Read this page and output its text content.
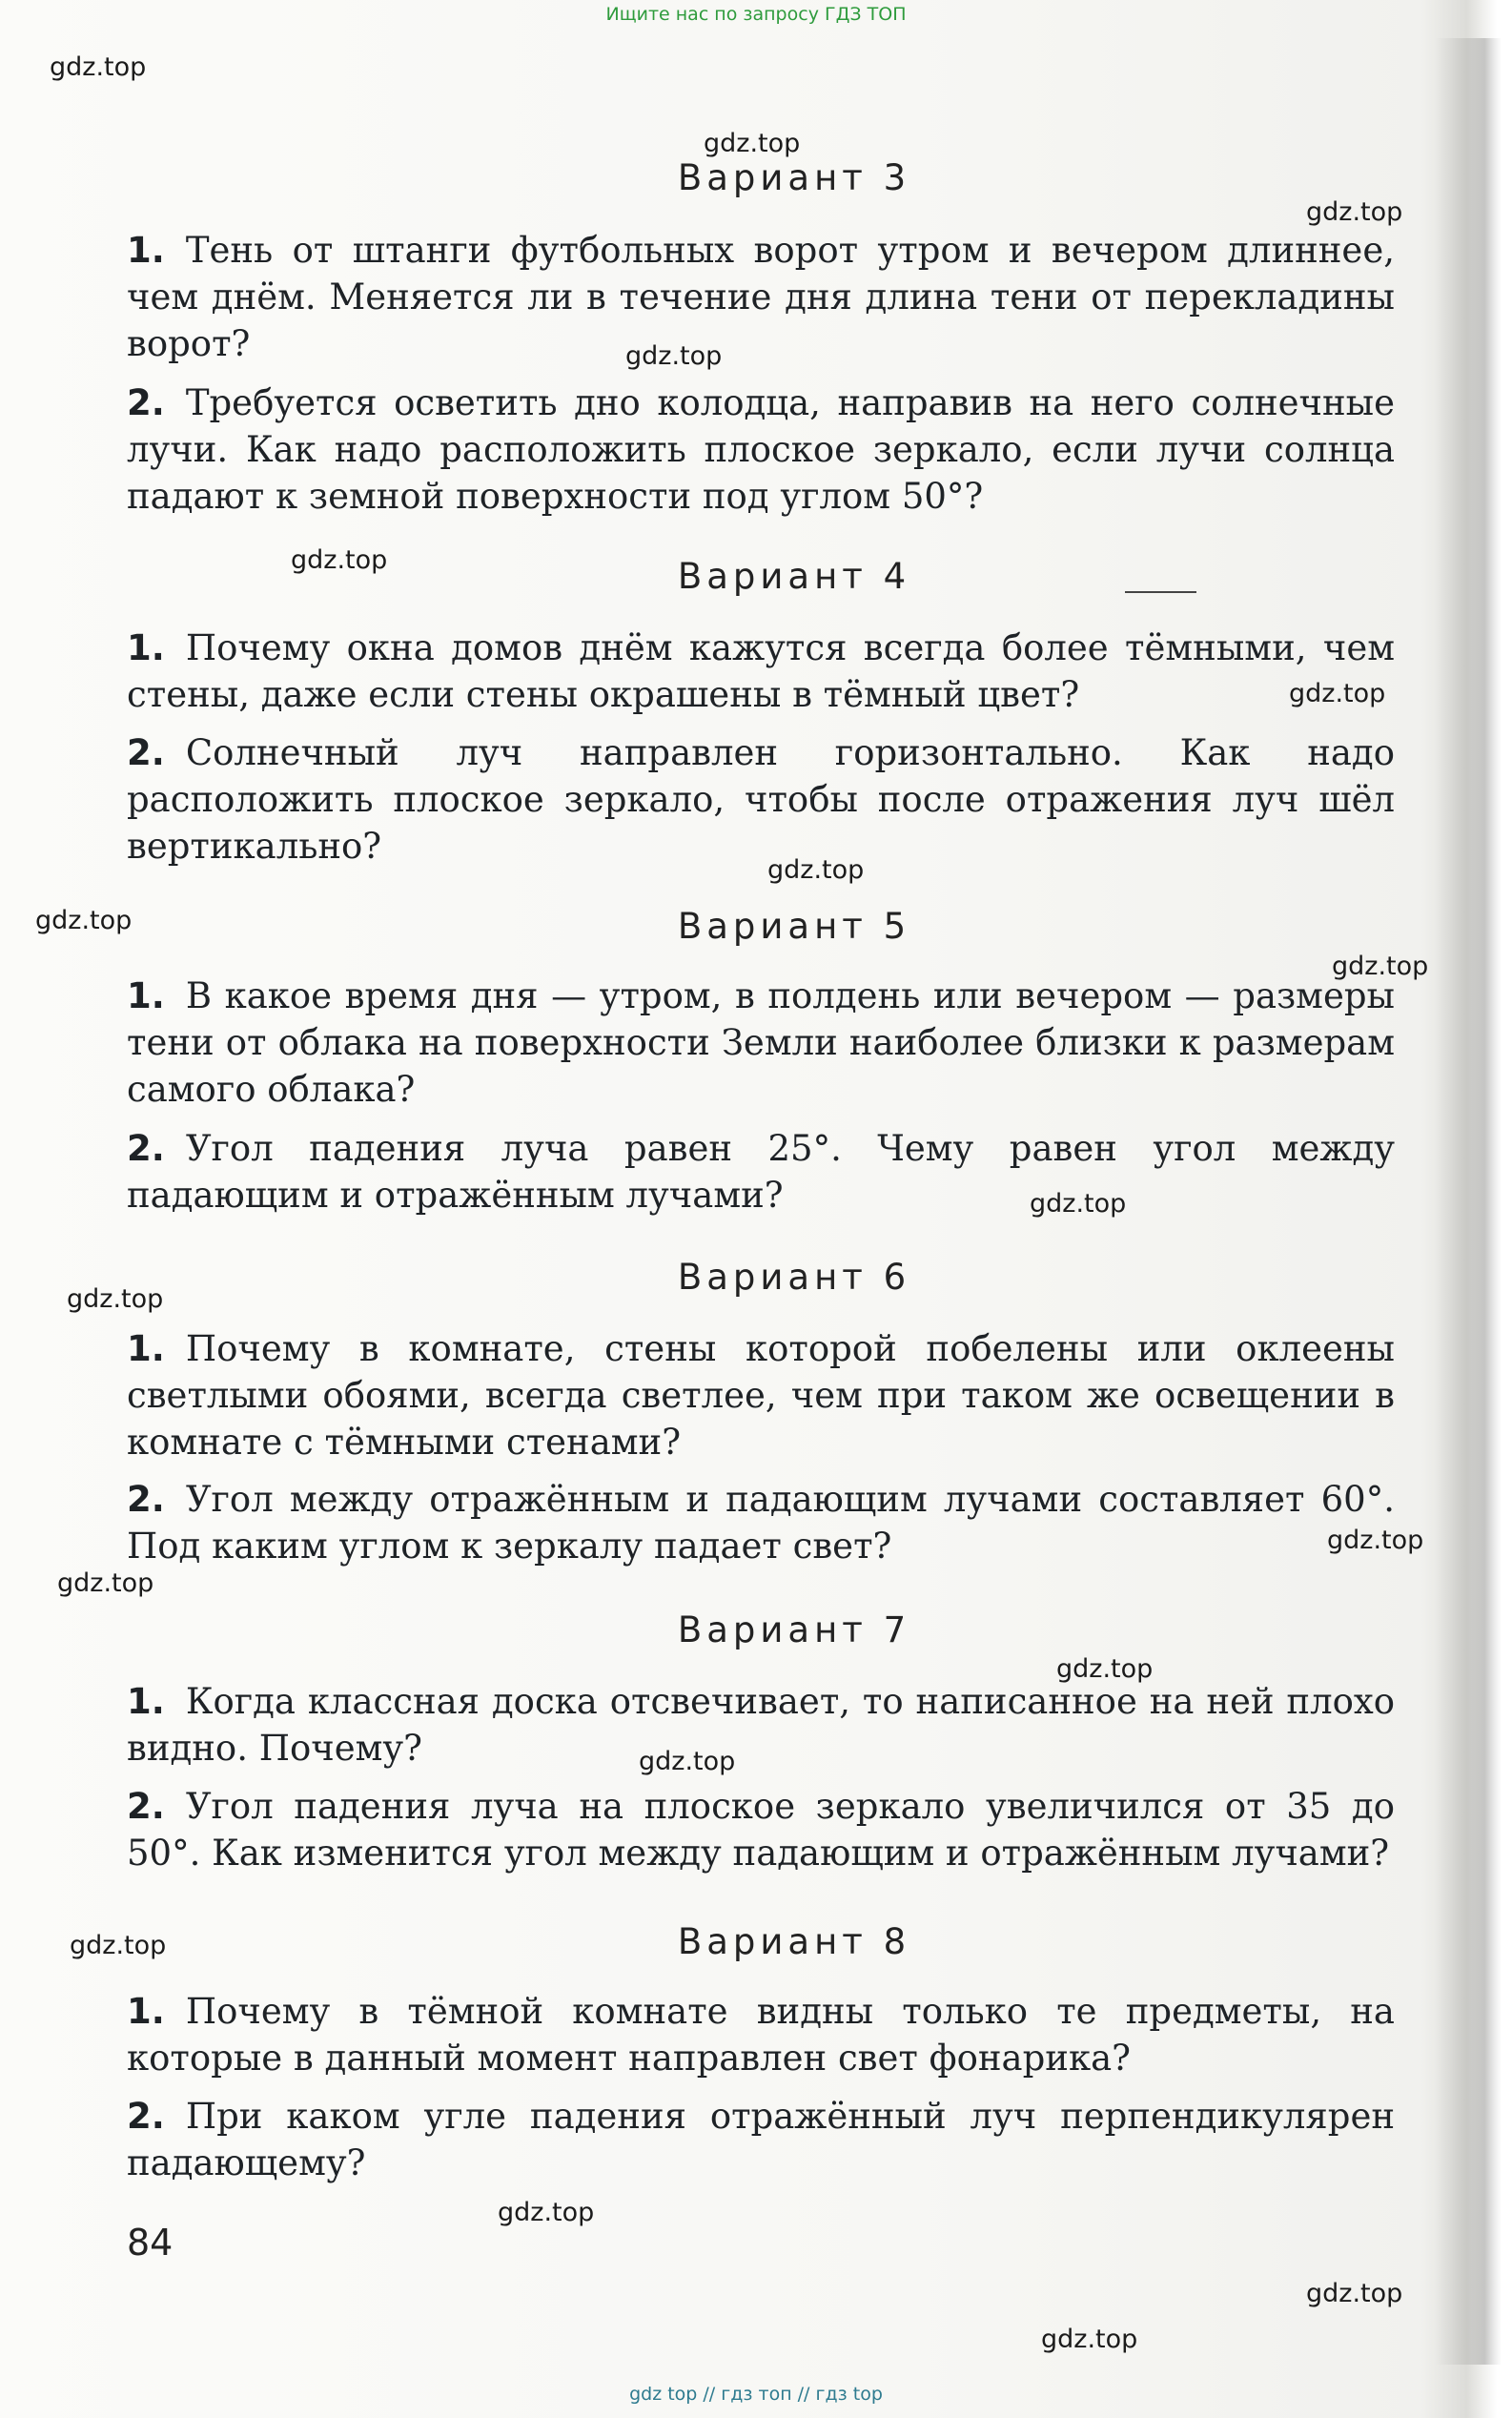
Ищите нас по запросу ГДЗ ТОП
gdz.top
gdz.top
gdz.top
gdz.top
gdz.top
gdz.top
gdz.top
gdz.top
gdz.top
gdz.top
gdz.top
gdz.top
gdz.top
gdz.top
gdz.top
gdz.top
gdz.top
gdz.top
gdz.top
Вариант 3
1. Тень от штанги футбольных ворот утром и вечером длиннее, чем днём. Меняется ли в течение дня длина тени от перекладины ворот?
2. Требуется осветить дно колодца, направив на него солнечные лучи. Как надо расположить плоское зеркало, если лучи солнца падают к земной поверхности под углом 50°?
Вариант 4
1. Почему окна домов днём кажутся всегда более тёмными, чем стены, даже если стены окрашены в тёмный цвет?
2. Солнечный луч направлен горизонтально. Как надо расположить плоское зеркало, чтобы после отражения луч шёл вертикально?
Вариант 5
1. В какое время дня — утром, в полдень или вечером — размеры тени от облака на поверхности Земли наиболее близки к размерам самого облака?
2. Угол падения луча равен 25°. Чему равен угол между падающим и отражённым лучами?
Вариант 6
1. Почему в комнате, стены которой побелены или оклеены светлыми обоями, всегда светлее, чем при таком же освещении в комнате с тёмными стенами?
2. Угол между отражённым и падающим лучами составляет 60°. Под каким углом к зеркалу падает свет?
Вариант 7
1. Когда классная доска отсвечивает, то написанное на ней плохо видно. Почему?
2. Угол падения луча на плоское зеркало увеличился от 35 до 50°. Как изменится угол между падающим и отражённым лучами?
Вариант 8
1. Почему в тёмной комнате видны только те предметы, на которые в данный момент направлен свет фонарика?
2. При каком угле падения отражённый луч перпендикулярен падающему?
84
gdz top // гдз топ // гдз top
